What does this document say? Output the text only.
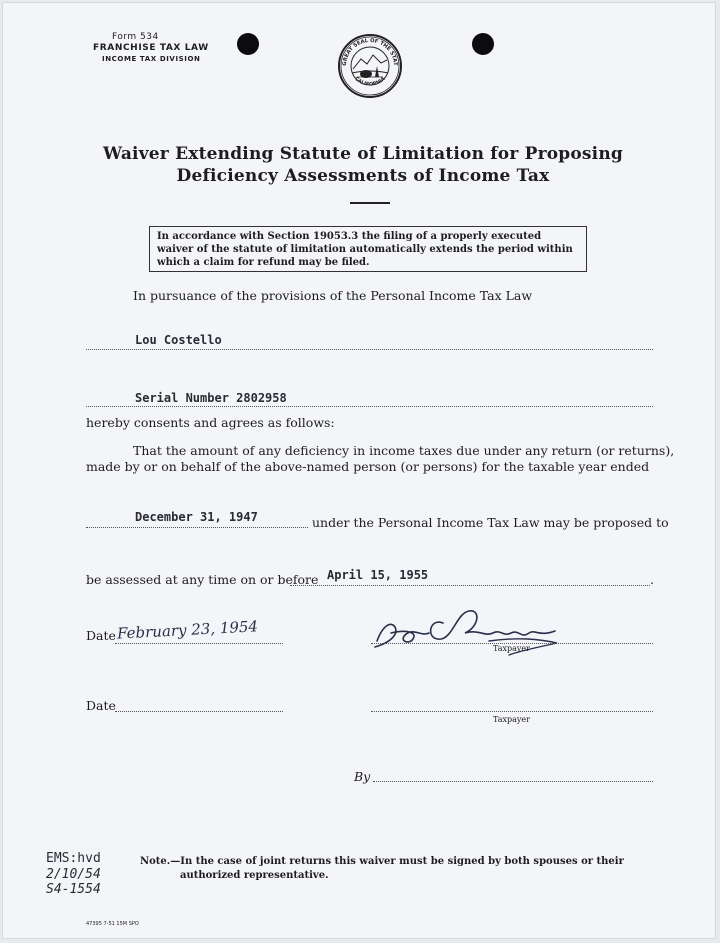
Form 534
FRANCHISE TAX LAW
INCOME TAX DIVISION
GREAT SEAL OF THE STAT
CALIFORNIA
Waiver Extending Statute of Limitation for Proposing
Deficiency Assessments of Income Tax
In accordance with Section 19053.3 the filing of a properly executed waiver of the statute of limitation automatically extends the period within which a claim for refund may be filed.
In pursuance of the provisions of the Personal Income Tax Law
Lou Costello
Serial Number 2802958
hereby consents and agrees as follows:
That the amount of any deficiency in income taxes due under any return (or returns),
made by or on behalf of the above-named person (or persons) for the taxable year ended
December 31, 1947	under the Personal Income Tax Law may be proposed to
be assessed at any time on or before April 15, 1955	.
Date February 23, 1954
Taxpayer
Date
Taxpayer
By
EMS:hvd
2/10/54
S4-1554
Note.—In the case of joint returns this waiver must be signed by both spouses or their
authorized representative.
47395 7-51 15M SPO
